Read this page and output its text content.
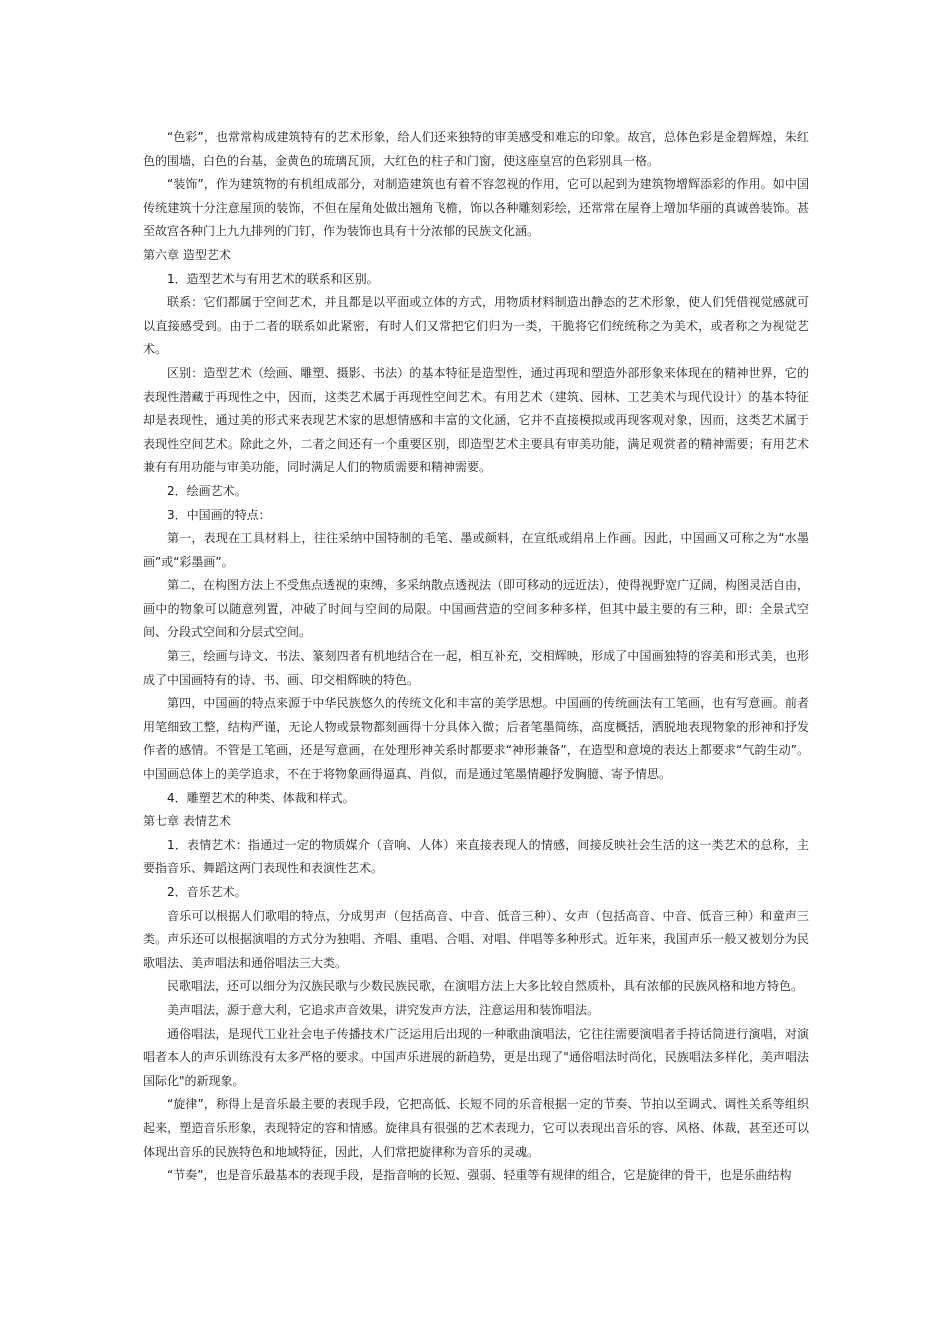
“色彩”，也常常构成建筑特有的艺术形象，给人们还来独特的审美感受和难忘的印象。故宫，总体色彩是金碧辉煌，朱红色的围墙，白色的台基，金黄色的琉璃瓦顶，大红色的柱子和门窗，使这座皇宫的色彩别具一格。

“装饰”，作为建筑物的有机组成部分，对制造建筑也有着不容忽视的作用，它可以起到为建筑物增辉添彩的作用。如中国传统建筑十分注意屋顶的装饰，不但在屋角处做出翘角飞檐，饰以各种雕刻彩绘，还常常在屋脊上增加华丽的真诚兽装饰。甚至故宫各种门上九九排列的门钉，作为装饰也具有十分浓郁的民族文化涵。

第六章 造型艺术

1．造型艺术与有用艺术的联系和区别。

联系：它们都属于空间艺术，并且都是以平面或立体的方式，用物质材料制造出静态的艺术形象，使人们凭借视觉感就可以直接感受到。由于二者的联系如此紧密，有时人们又常把它们归为一类，干脆将它们统统称之为美术，或者称之为视觉艺术。

区别：造型艺术（绘画、雕塑、摄影、书法）的基本特征是造型性，通过再现和塑造外部形象来体现在的精神世界，它的表现性潜藏于再现性之中，因而，这类艺术属于再现性空间艺术。有用艺术（建筑、园林、工艺美术与现代设计）的基本特征却是表现性，通过美的形式来表现艺术家的思想情感和丰富的文化涵，它并不直接模拟或再现客观对象，因而，这类艺术属于表现性空间艺术。除此之外，二者之间还有一个重要区别，即造型艺术主要具有审美功能，满足观赏者的精神需要；有用艺术兼有有用功能与审美功能，同时满足人们的物质需要和精神需要。

2．绘画艺术。

3．中国画的特点：

第一，表现在工具材料上，往往采纳中国特制的毛笔、墨或颜料，在宣纸或绢帛上作画。因此，中国画又可称之为“水墨画”或“彩墨画”。

第二，在构图方法上不受焦点透视的束缚，多采纳散点透视法（即可移动的远近法），使得视野宽广辽阔，构图灵活自由，画中的物象可以随意列置，冲破了时间与空间的局限。中国画营造的空间多种多样，但其中最主要的有三种，即：全景式空间、分段式空间和分层式空间。

第三，绘画与诗文、书法、篆刻四者有机地结合在一起，相互补充，交相辉映，形成了中国画独特的容美和形式美，也形成了中国画特有的诗、书、画、印交相辉映的特色。

第四，中国画的特点来源于中华民族悠久的传统文化和丰富的美学思想。中国画的传统画法有工笔画，也有写意画。前者用笔细致工整，结构严谨，无论人物或景物都刻画得十分具体入微；后者笔墨简练，高度概括，洒脱地表现物象的形神和抒发作者的感情。不管是工笔画，还是写意画，在处理形神关系时都要求“神形兼备”，在造型和意境的表达上都要求“气韵生动”。中国画总体上的美学追求，不在于将物象画得逼真、肖似，而是通过笔墨情趣抒发胸臆、寄予情思。

4．雕塑艺术的种类、体裁和样式。

第七章 表情艺术

1．表情艺术：指通过一定的物质媒介（音响、人体）来直接表现人的情感，间接反映社会生活的这一类艺术的总称，主要指音乐、舞蹈这两门表现性和表演性艺术。

2．音乐艺术。

音乐可以根据人们歌唱的特点，分成男声（包括高音、中音、低音三种）、女声（包括高音、中音、低音三种）和童声三类。声乐还可以根据演唱的方式分为独唱、齐唱、重唱、合唱、对唱、伴唱等多种形式。近年来，我国声乐一般又被划分为民歌唱法、美声唱法和通俗唱法三大类。

民歌唱法，还可以细分为汉族民歌与少数民族民歌，在演唱方法上大多比较自然质朴，具有浓郁的民族风格和地方特色。

美声唱法，源于意大利，它追求声音效果，讲究发声方法，注意运用和装饰唱法。

通俗唱法，是现代工业社会电子传播技术广泛运用后出现的一种歌曲演唱法，它往往需要演唱者手持话筒进行演唱，对演唱者本人的声乐训练没有太多严格的要求。中国声乐进展的新趋势，更是出现了"通俗唱法时尚化，民族唱法多样化，美声唱法国际化"的新现象。

“旋律”，称得上是音乐最主要的表现手段，它把高低、长短不同的乐音根据一定的节奏、节拍以至调式、调性关系等组织起来，塑造音乐形象，表现特定的容和情感。旋律具有很强的艺术表现力，它可以表现出音乐的容、风格、体裁，甚至还可以体现出音乐的民族特色和地域特征，因此，人们常把旋律称为音乐的灵魂。

“节奏”，也是音乐最基本的表现手段，是指音响的长短、强弱、轻重等有规律的组合，它是旋律的骨干，也是乐曲结构
